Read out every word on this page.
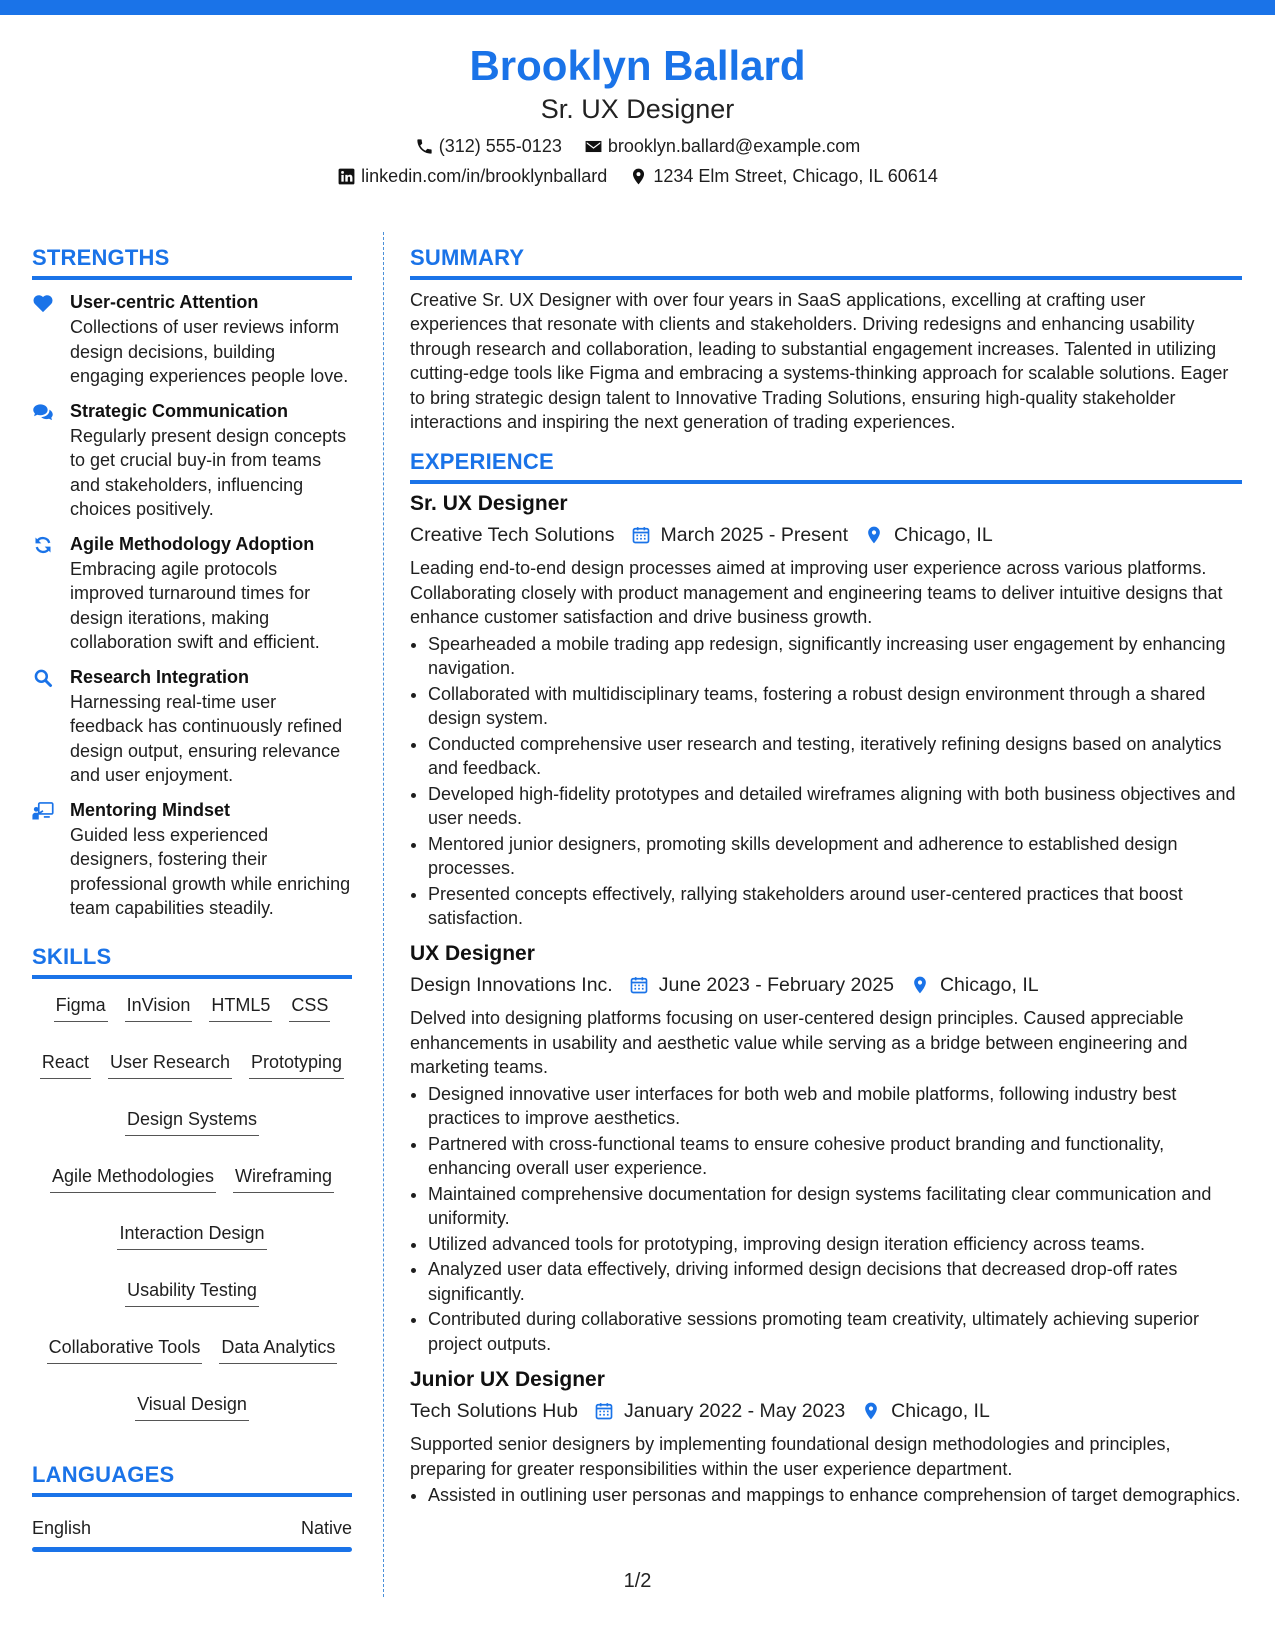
Brooklyn Ballard
Sr. UX Designer
(312) 555-0123	brooklyn.ballard@example.com
linkedin.com/in/brooklynballard	1234 Elm Street, Chicago, IL 60614
STRENGTHS
User-centric Attention
Collections of user reviews inform design decisions, building engaging experiences people love.
Strategic Communication
Regularly present design concepts to get crucial buy-in from teams and stakeholders, influencing choices positively.
Agile Methodology Adoption
Embracing agile protocols improved turnaround times for design iterations, making collaboration swift and efficient.
Research Integration
Harnessing real-time user feedback has continuously refined design output, ensuring relevance and user enjoyment.
Mentoring Mindset
Guided less experienced designers, fostering their professional growth while enriching team capabilities steadily.
SKILLS
Figma InVision HTML5 CSS
React User Research Prototyping
Design Systems
Agile Methodologies Wireframing
Interaction Design
Usability Testing
Collaborative Tools Data Analytics
Visual Design
LANGUAGES
English	Native
SUMMARY
Creative Sr. UX Designer with over four years in SaaS applications, excelling at crafting user experiences that resonate with clients and stakeholders. Driving redesigns and enhancing usability through research and collaboration, leading to substantial engagement increases. Talented in utilizing cutting-edge tools like Figma and embracing a systems-thinking approach for scalable solutions. Eager to bring strategic design talent to Innovative Trading Solutions, ensuring high-quality stakeholder interactions and inspiring the next generation of trading experiences.
EXPERIENCE
Sr. UX Designer
Creative Tech Solutions March 2025 - Present Chicago, IL
Leading end-to-end design processes aimed at improving user experience across various platforms. Collaborating closely with product management and engineering teams to deliver intuitive designs that enhance customer satisfaction and drive business growth.
• Spearheaded a mobile trading app redesign, significantly increasing user engagement by enhancing navigation.
• Collaborated with multidisciplinary teams, fostering a robust design environment through a shared design system.
• Conducted comprehensive user research and testing, iteratively refining designs based on analytics and feedback.
• Developed high-fidelity prototypes and detailed wireframes aligning with both business objectives and user needs.
• Mentored junior designers, promoting skills development and adherence to established design processes.
• Presented concepts effectively, rallying stakeholders around user-centered practices that boost satisfaction.
UX Designer
Design Innovations Inc. June 2023 - February 2025 Chicago, IL
Delved into designing platforms focusing on user-centered design principles. Caused appreciable enhancements in usability and aesthetic value while serving as a bridge between engineering and marketing teams.
• Designed innovative user interfaces for both web and mobile platforms, following industry best practices to improve aesthetics.
• Partnered with cross-functional teams to ensure cohesive product branding and functionality, enhancing overall user experience.
• Maintained comprehensive documentation for design systems facilitating clear communication and uniformity.
• Utilized advanced tools for prototyping, improving design iteration efficiency across teams.
• Analyzed user data effectively, driving informed design decisions that decreased drop-off rates significantly.
• Contributed during collaborative sessions promoting team creativity, ultimately achieving superior project outputs.
Junior UX Designer
Tech Solutions Hub January 2022 - May 2023 Chicago, IL
Supported senior designers by implementing foundational design methodologies and principles, preparing for greater responsibilities within the user experience department.
• Assisted in outlining user personas and mappings to enhance comprehension of target demographics.
1/2
